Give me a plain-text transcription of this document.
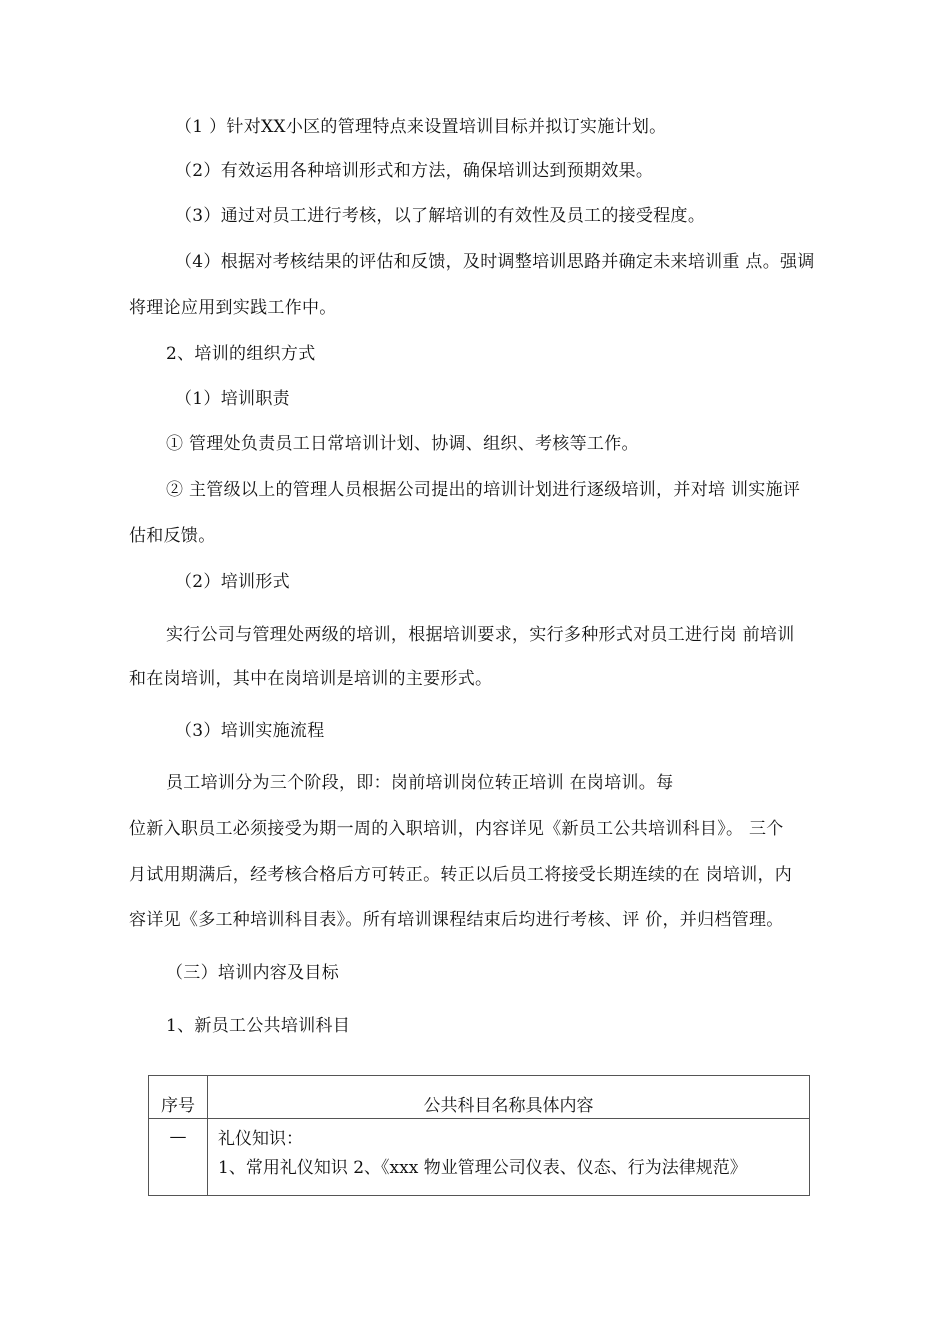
（1 ）针对XX小区的管理特点来设置培训目标并拟订实施计划。
（2）有效运用各种培训形式和方法，确保培训达到预期效果。
（3）通过对员工进行考核，以了解培训的有效性及员工的接受程度。
（4）根据对考核结果的评估和反馈，及时调整培训思路并确定未来培训重 点。强调
将理论应用到实践工作中。
2、培训的组织方式
（1）培训职责
① 管理处负责员工日常培训计划、协调、组织、考核等工作。
② 主管级以上的管理人员根据公司提出的培训计划进行逐级培训，并对培 训实施评
估和反馈。
（2）培训形式
实行公司与管理处两级的培训，根据培训要求，实行多种形式对员工进行岗 前培训
和在岗培训，其中在岗培训是培训的主要形式。
（3）培训实施流程
员工培训分为三个阶段，即：岗前培训岗位转正培训 在岗培训。每
位新入职员工必须接受为期一周的入职培训，内容详见《新员工公共培训科目》。 三个
月试用期满后，经考核合格后方可转正。转正以后员工将接受长期连续的在 岗培训，内
容详见《多工种培训科目表》。所有培训课程结束后均进行考核、评 价，并归档管理。
（三）培训内容及目标
1、新员工公共培训科目
序号	公共科目名称具体内容
—	礼仪知识：
1、常用礼仪知识 2、《xxx 物业管理公司仪表、仪态、行为法律规范》
